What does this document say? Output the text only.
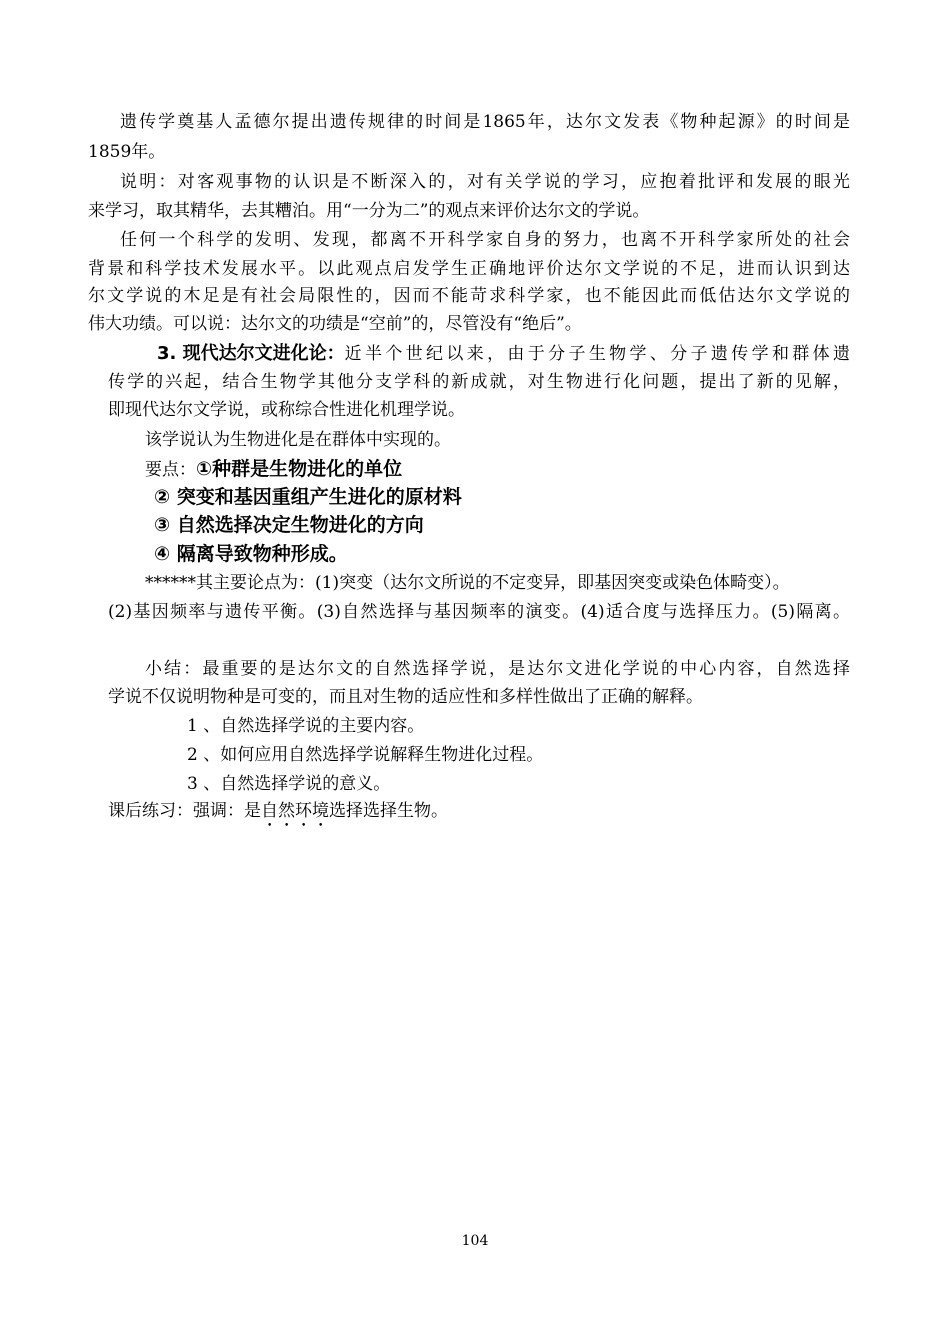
遗传学奠基人孟德尔提出遗传规律的时间是1865年，达尔文发表《物种起源》的时间是
1859年。
说明：对客观事物的认识是不断深入的，对有关学说的学习，应抱着批评和发展的眼光
来学习，取其精华，去其糟泊。用“一分为二”的观点来评价达尔文的学说。
任何一个科学的发明、发现，都离不开科学家自身的努力，也离不开科学家所处的社会
背景和科学技术发展水平。以此观点启发学生正确地评价达尔文学说的不足，进而认识到达
尔文学说的木足是有社会局限性的，因而不能苛求科学家，也不能因此而低估达尔文学说的
伟大功绩。可以说：达尔文的功绩是“空前”的，尽管没有“绝后”。
3. 现代达尔文进化论： 近半个世纪以来，由于分子生物学、分子遗传学和群体遗
传学的兴起，结合生物学其他分支学科的新成就，对生物进行化问题，提出了新的见解，
即现代达尔文学说，或称综合性进化机理学说。
该学说认为生物进化是在群体中实现的。
要点：①种群是生物进化的单位
② 突变和基因重组产生进化的原材料
③ 自然选择决定生物进化的方向
④ 隔离导致物种形成。
******其主要论点为：(1)突变（达尔文所说的不定变异，即基因突变或染色体畸变）。
(2)基因频率与遗传平衡。(3)自然选择与基因频率的演变。(4)适合度与选择压力。(5)隔离。
小结：最重要的是达尔文的自然选择学说，是达尔文进化学说的中心内容，自然选择
学说不仅说明物种是可变的，而且对生物的适应性和多样性做出了正确的解释。
1 、自然选择学说的主要内容。
2 、如何应用自然选择学说解释生物进化过程。
3 、自然选择学说的意义。
课后练习：强调：是自然环境选择选择生物。
104
